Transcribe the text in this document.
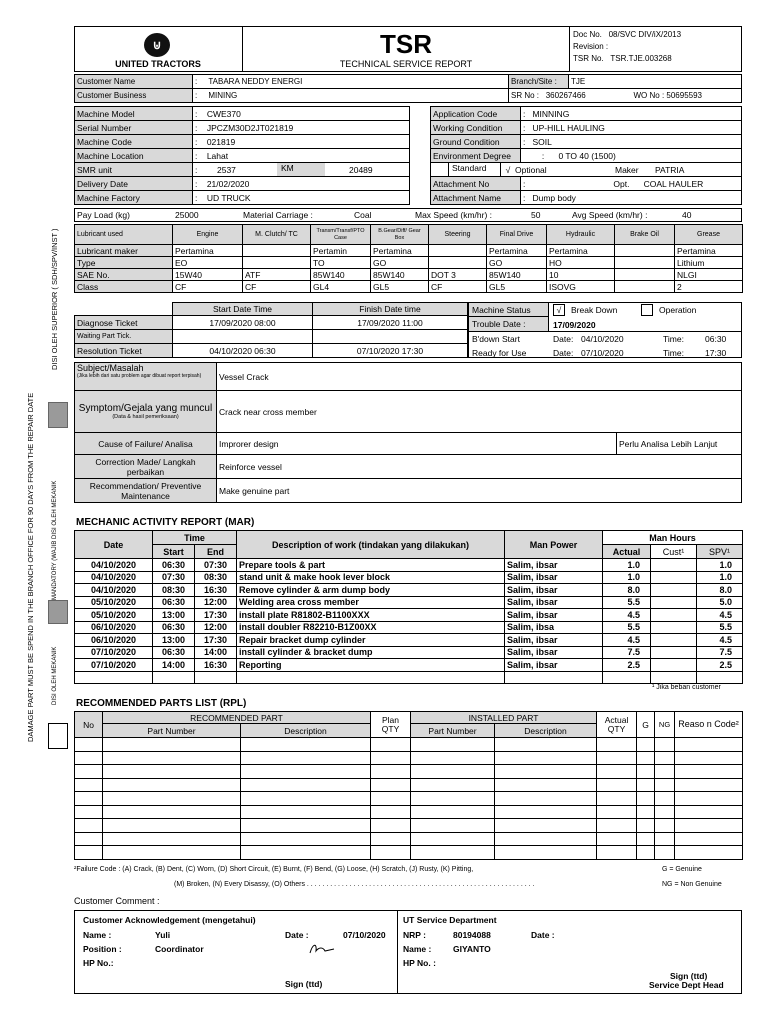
DAMAGE PART MUST BE SPEND IN THE BRANCH OFFICE FOR 90 DAYS FROM THE REPAIR DATE
DISI OLEH SUPERIOR ( SDH/SPV/INST )
MANDATORY (WAJIB DISI OLEH MEKANIK
DISI OLEH MEKANIK
⊍
UNITED TRACTORS
TSR
TECHNICAL SERVICE REPORT
Doc No. 08/SVC DIV/iX/2013
Revision :
TSR No. TSR.TJE.003268
Customer Name	: TABARA NEDDY ENERGI	Branch/Site :	TJE	
Customer Business	: MINING	SR No : 360267466		WO No : 50695593
Machine Model	: CWE370
Serial Number	: JPCZM30D2JT021819
Machine Code	: 021819
Machine Location	: Lahat
SMR unit	: 2537 KM 20489

Delivery Date	: 21/02/2020
Machine Factory	: UD TRUCK
Application Code	: MINNING
Working Condition	: UP-HILL HAULING
Ground Condition	: SOIL
Environment Degree	: 0 TO 40 (1500)

Standard √ Optional Maker PATRIA	

Attachment No	: Opt. COAL HAULER
Attachment Name	: Dump body
Pay Load (kg)	25000	Material Carriage :	Coal	Max Speed (km/hr) :	50	Avg Speed (km/hr) :	40
Lubricant used	Engine	M. Clutch/ TC	Transm/Transf/PTO Case	B.Gear/Diff/ Gear Box	Steering	Final Drive	Hydraulic	Brake Oil	Grease
Lubricant maker	Pertamina		Pertamin	Pertamina		Pertamina	Pertamina		Pertamina
Type	EO		TO	GO		GO	HO		Lithium
SAE No.	15W40	ATF	85W140	85W140	DOT 3	85W140	10		NLGI
Class	CF	CF	GL4	GL5	CF	GL5	ISOVG		2
	Start Date Time	Finish Date time
Diagnose Ticket	17/09/2020 08:00	17/09/2020 11:00
Waiting Part Tick.		
Resolution Ticket	04/10/2020 06:30	07/10/2020 17:30
Machine Status	√	Break Down	Operation
Trouble Date :	17/09/2020
B'down Start	Date: 04/10/2020	Time: 06:30
Ready for Use	Date: 07/10/2020	Time: 17:30
Subject/Masalah
(Jika lebih dari satu problem agar dibuat report terpisah)	Vessel Crack	

Symptom/Gejala yang muncul
(Data & hasil pemeriksaan)	Crack near cross member	
Cause of Failure/ Analisa	Improrer design	Perlu Analisa Lebih Lanjut
Correction Made/ Langkah perbaikan	Reinforce vessel	
Recommendation/ Preventive Maintenance	Make genuine part	
MECHANIC ACTIVITY REPORT (MAR)
Date	Time		Description of work (tindakan yang dilakukan)	Man Power	Man Hours		
	Start	End			Actual	Cust¹	SPV¹
04/10/2020	06:30	07:30	Prepare tools & part	Salim, ibsar	1.0		1.0
04/10/2020	07:30	08:30	stand unit & make hook lever block	Salim, ibsar	1.0		1.0
04/10/2020	08:30	16:30	Remove cylinder & arm dump body	Salim, ibsar	8.0		8.0
05/10/2020	06:30	12:00	Welding area cross member	Salim, ibsar	5.5		5.0
05/10/2020	13:00	17:30	install plate R81802-B1100XXX	Salim, ibsar	4.5		4.5
06/10/2020	06:30	12:00	install doubler R82210-B1Z00XX	Salim, ibsa	5.5		5.5
06/10/2020	13:00	17:30	Repair bracket dump cylinder	Salim, ibsar	4.5		4.5
07/10/2020	06:30	14:00	install cylinder & bracket dump	Salim, ibsar	7.5		7.5
07/10/2020	14:00	16:30	Reporting	Salim, ibsar	2.5		2.5

¹ Jika beban customer
RECOMMENDED PARTS LIST (RPL)
No	RECOMMENDED PART		Plan QTY	INSTALLED PART		Actual QTY	G	NG	Reaso n Code²
	Part Number	Description		Part Number	Description				

²Failure Code : (A) Crack, (B) Dent, (C) Worn, (D) Short Circuit, (E) Burnt, (F) Bend, (G) Loose, (H) Scratch, (J) Rusty, (K) Pitting,
(M) Broken, (N) Every Disassy, (O) Others . . . . . . . . . . . . . . . . . . . . . . . . . . . . . . . . . . . . . . . . . . . . . . . . . . . . . . . . . . .
G = Genuine
NG = Non Genuine
Customer Comment :
Customer Acknowledgement (mengetahui)
Name :	Yuli	Date :	07/10/2020
Position :	Coordinator
HP No.:
Sign (ttd)
UT Service Department
NRP :	80194088	Date :
Name :	GIYANTO
HP No. :
Sign (ttd)
Service Dept Head
